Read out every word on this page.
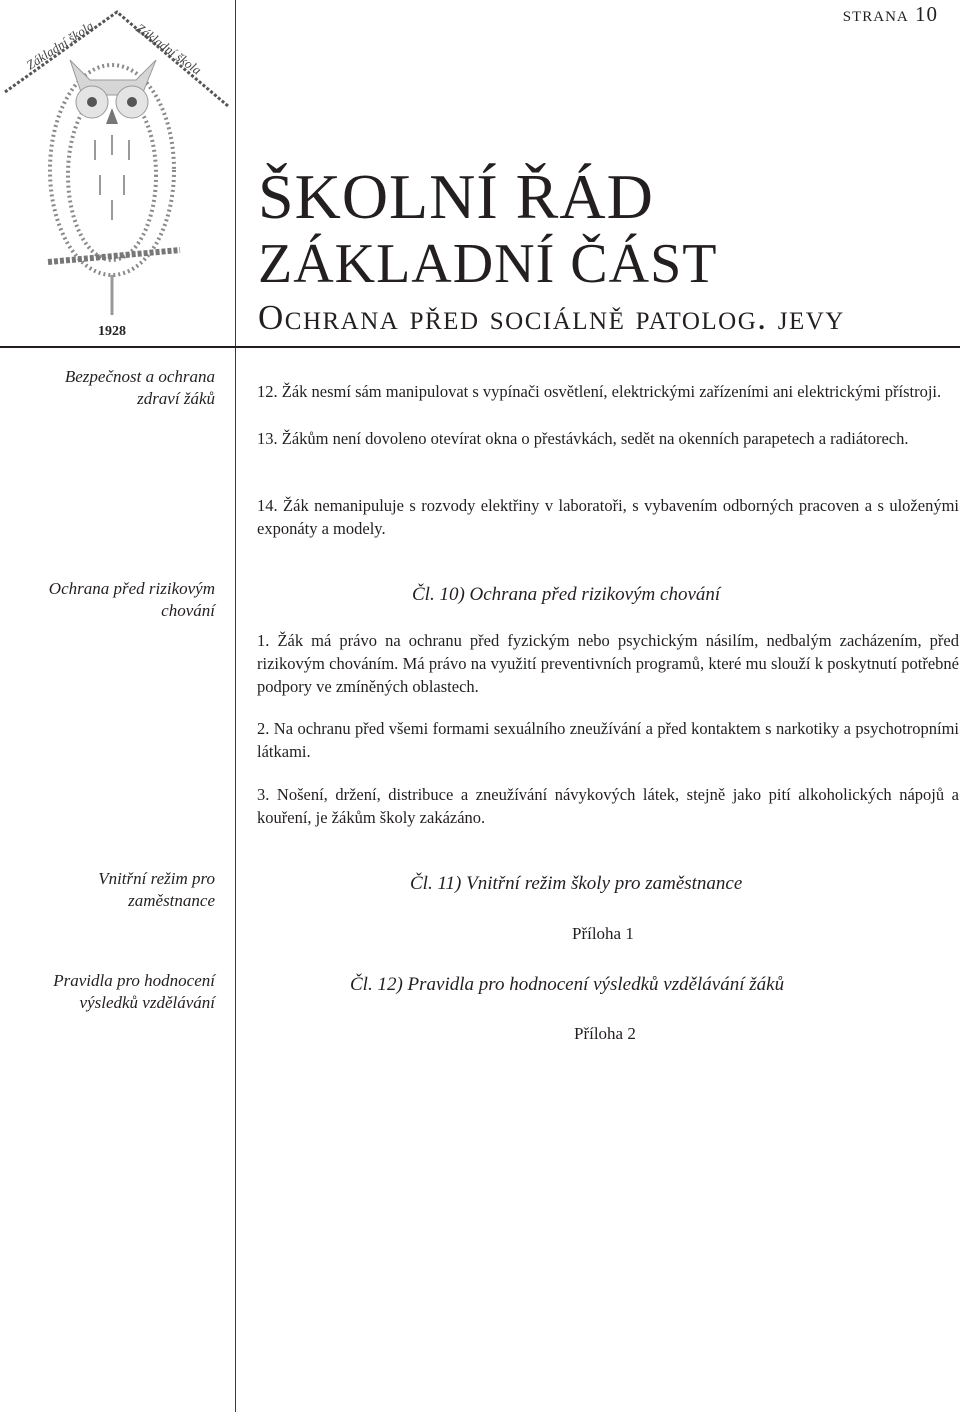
strana 10
Základní škola	Základní škola
1928
ŠKOLNÍ ŘÁD
ZÁKLADNÍ ČÁST
Ochrana před sociálně patolog. jevy
Bezpečnost a ochrana
zdraví žáků
Ochrana před rizikovým
chování
Vnitřní režim pro
zaměstnance
Pravidla pro hodnocení
výsledků vzdělávání
12. Žák nesmí sám manipulovat s vypínači osvětlení, elektrickými zařízeními ani elektrickými přístroji.
13. Žákům není dovoleno otevírat okna o přestávkách, sedět na okenních parapetech a radiátorech.
14. Žák nemanipuluje s rozvody elektřiny v laboratoři, s vybavením odborných pracoven a s uloženými exponáty a modely.
Čl. 10) Ochrana před rizikovým chování
1. Žák má právo na ochranu před fyzickým nebo psychickým násilím, nedbalým zacházením, před rizikovým chováním. Má právo na využití preventivních programů, které mu slouží k poskytnutí potřebné podpory ve zmíněných oblastech.
2. Na ochranu před všemi formami sexuálního zneužívání a před kontaktem s narkotiky a psychotropními látkami.
3. Nošení, držení, distribuce a zneužívání návykových látek, stejně jako pití alkoholických nápojů a kouření, je žákům školy zakázáno.
Čl. 11) Vnitřní režim školy pro zaměstnance
Příloha 1
Čl. 12) Pravidla pro hodnocení výsledků vzdělávání žáků
Příloha 2
